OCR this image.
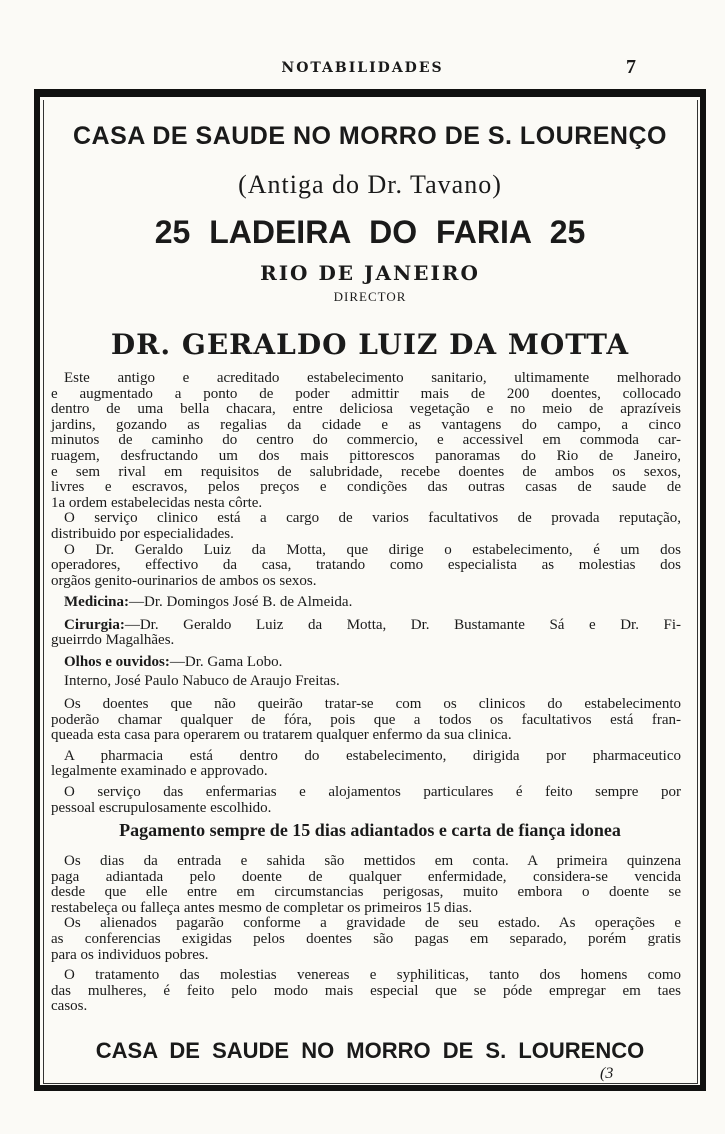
NOTABILIDADES	7
CASA DE SAUDE NO MORRO DE S. LOURENÇO
(Antiga do Dr. Tavano)
25 LADEIRA DO FARIA 25
RIO DE JANEIRO
DIRECTOR
DR. GERALDO LUIZ DA MOTTA
Este antigo e acreditado estabelecimento sanitario, ultimamente melhorado
e augmentado a ponto de poder admittir mais de 200 doentes, collocado
dentro de uma bella chacara, entre deliciosa vegetação e no meio de aprazíveis
jardins, gozando as regalias da cidade e as vantagens do campo, a cinco
minutos de caminho do centro do commercio, e accessivel em commoda car-
ruagem, desfructando um dos mais pittorescos panoramas do Rio de Janeiro,
e sem rival em requisitos de salubridade, recebe doentes de ambos os sexos,
livres e escravos, pelos preços e condições das outras casas de saude de
1a ordem estabelecidas nesta côrte.
O serviço clinico está a cargo de varios facultativos de provada reputação,
distribuido por especialidades.
O Dr. Geraldo Luiz da Motta, que dirige o estabelecimento, é um dos
operadores, effectivo da casa, tratando como especialista as molestias dos
orgãos genito-ourinarios de ambos os sexos.
Medicina:—Dr. Domingos José B. de Almeida.
Cirurgia:—Dr. Geraldo Luiz da Motta, Dr. Bustamante Sá e Dr. Fi-
gueirrdo Magalhães.
Olhos e ouvidos:—Dr. Gama Lobo.
Interno, José Paulo Nabuco de Araujo Freitas.
Os doentes que não queirão tratar-se com os clinicos do estabelecimento
poderão chamar qualquer de fóra, pois que a todos os facultativos está fran-
queada esta casa para operarem ou tratarem qualquer enfermo da sua clinica.
A pharmacia está dentro do estabelecimento, dirigida por pharmaceutico
legalmente examinado e approvado.
O serviço das enfermarias e alojamentos particulares é feito sempre por
pessoal escrupulosamente escolhido.
Pagamento sempre de 15 dias adiantados e carta de fiança idonea
Os dias da entrada e sahida são mettidos em conta. A primeira quinzena
paga adiantada pelo doente de qualquer enfermidade, considera-se vencida
desde que elle entre em circumstancias perigosas, muito embora o doente se
restabeleça ou falleça antes mesmo de completar os primeiros 15 dias.
Os alienados pagarão conforme a gravidade de seu estado. As operações e
as conferencias exigidas pelos doentes são pagas em separado, porém gratis
para os individuos pobres.
O tratamento das molestias venereas e syphiliticas, tanto dos homens como
das mulheres, é feito pelo modo mais especial que se póde empregar em taes
casos.
CASA DE SAUDE NO MORRO DE S. LOURENCO
(3
